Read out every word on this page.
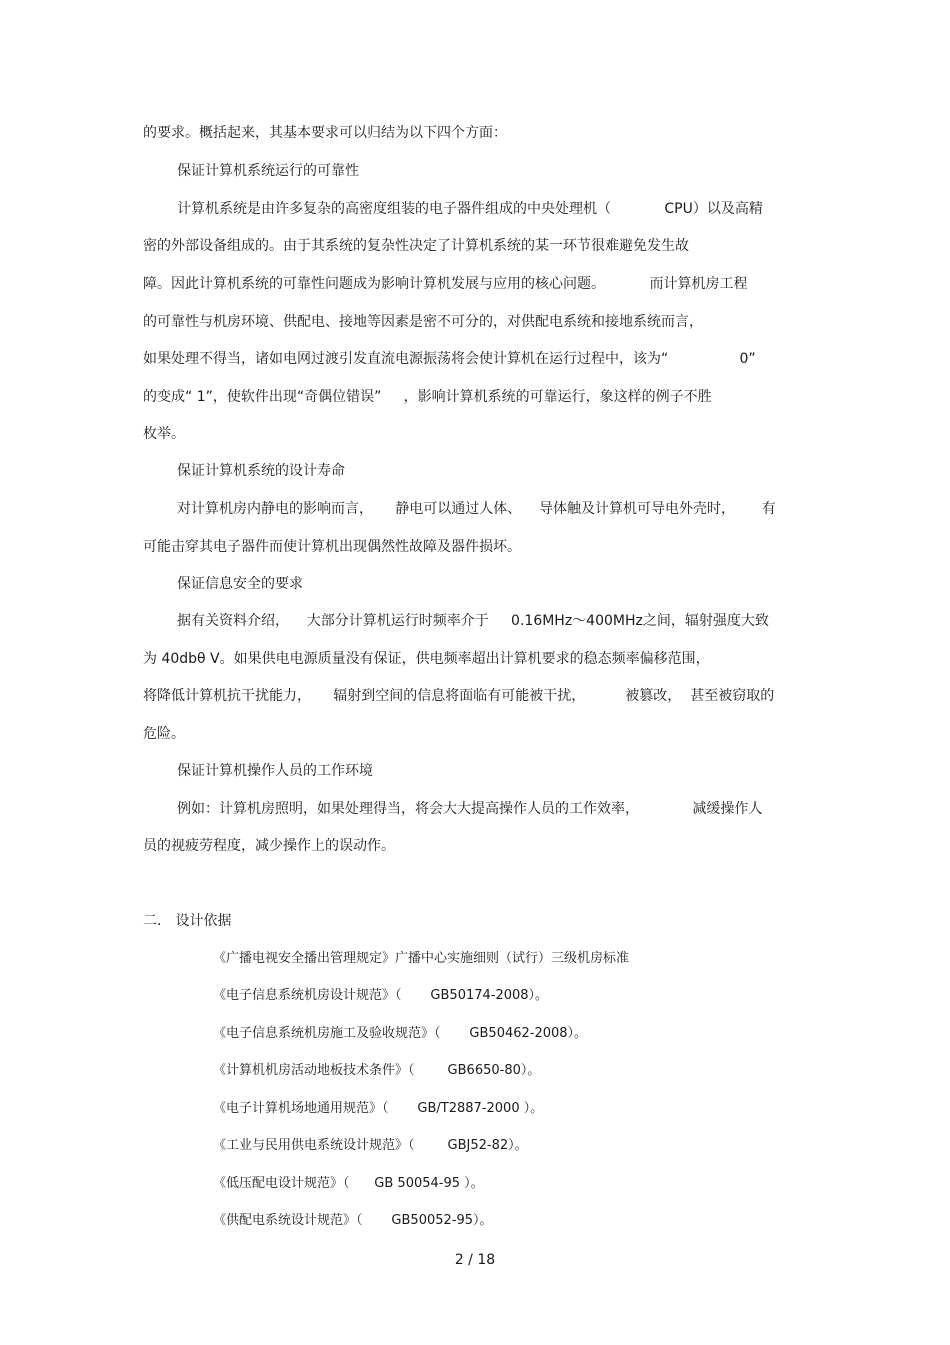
的要求。概括起来，其基本要求可以归结为以下四个方面：
保证计算机系统运行的可靠性
计算机系统是由许多复杂的高密度组装的电子器件组成的中央处理机（            CPU）以及高精
密的外部设备组成的。由于其系统的复杂性决定了计算机系统的某一环节很难避免发生故
障。因此计算机系统的可靠性问题成为影响计算机发展与应用的核心问题。          而计算机房工程
的可靠性与机房环境、供配电、接地等因素是密不可分的，对供配电系统和接地系统而言，
如果处理不得当，诸如电网过渡引发直流电源振荡将会使计算机在运行过程中，该为“                0”
的变成“ 1”，使软件出现“奇偶位错误”     ，影响计算机系统的可靠运行，象这样的例子不胜
枚举。
保证计算机系统的设计寿命
对计算机房内静电的影响而言，     静电可以通过人体、    导体触及计算机可导电外壳时，      有
可能击穿其电子器件而使计算机出现偶然性故障及器件损坏。
保证信息安全的要求
据有关资料介绍，    大部分计算机运行时频率介于     0.16MHz～400MHz之间，辐射强度大致
为 40dbθ V。如果供电电源质量没有保证，供电频率超出计算机要求的稳态频率偏移范围，
将降低计算机抗干扰能力，     辐射到空间的信息将面临有可能被干扰，         被篡改，  甚至被窃取的
危险。
保证计算机操作人员的工作环境
例如：计算机房照明，如果处理得当，将会大大提高操作人员的工作效率，            减缓操作人
员的视疲劳程度，减少操作上的误动作。
二． 设计依据
《广播电视安全播出管理规定》广播中心实施细则（试行）三级机房标准
《电子信息系统机房设计规范》（       GB50174-2008）。
《电子信息系统机房施工及验收规范》（       GB50462-2008）。
《计算机机房活动地板技术条件》（        GB6650-80）。
《电子计算机场地通用规范》（       GB/T2887-2000 ）。
《工业与民用供电系统设计规范》（        GBJ52-82）。
《低压配电设计规范》（      GB 50054-95 ）。
《供配电系统设计规范》（       GB50052-95）。
2 / 18
